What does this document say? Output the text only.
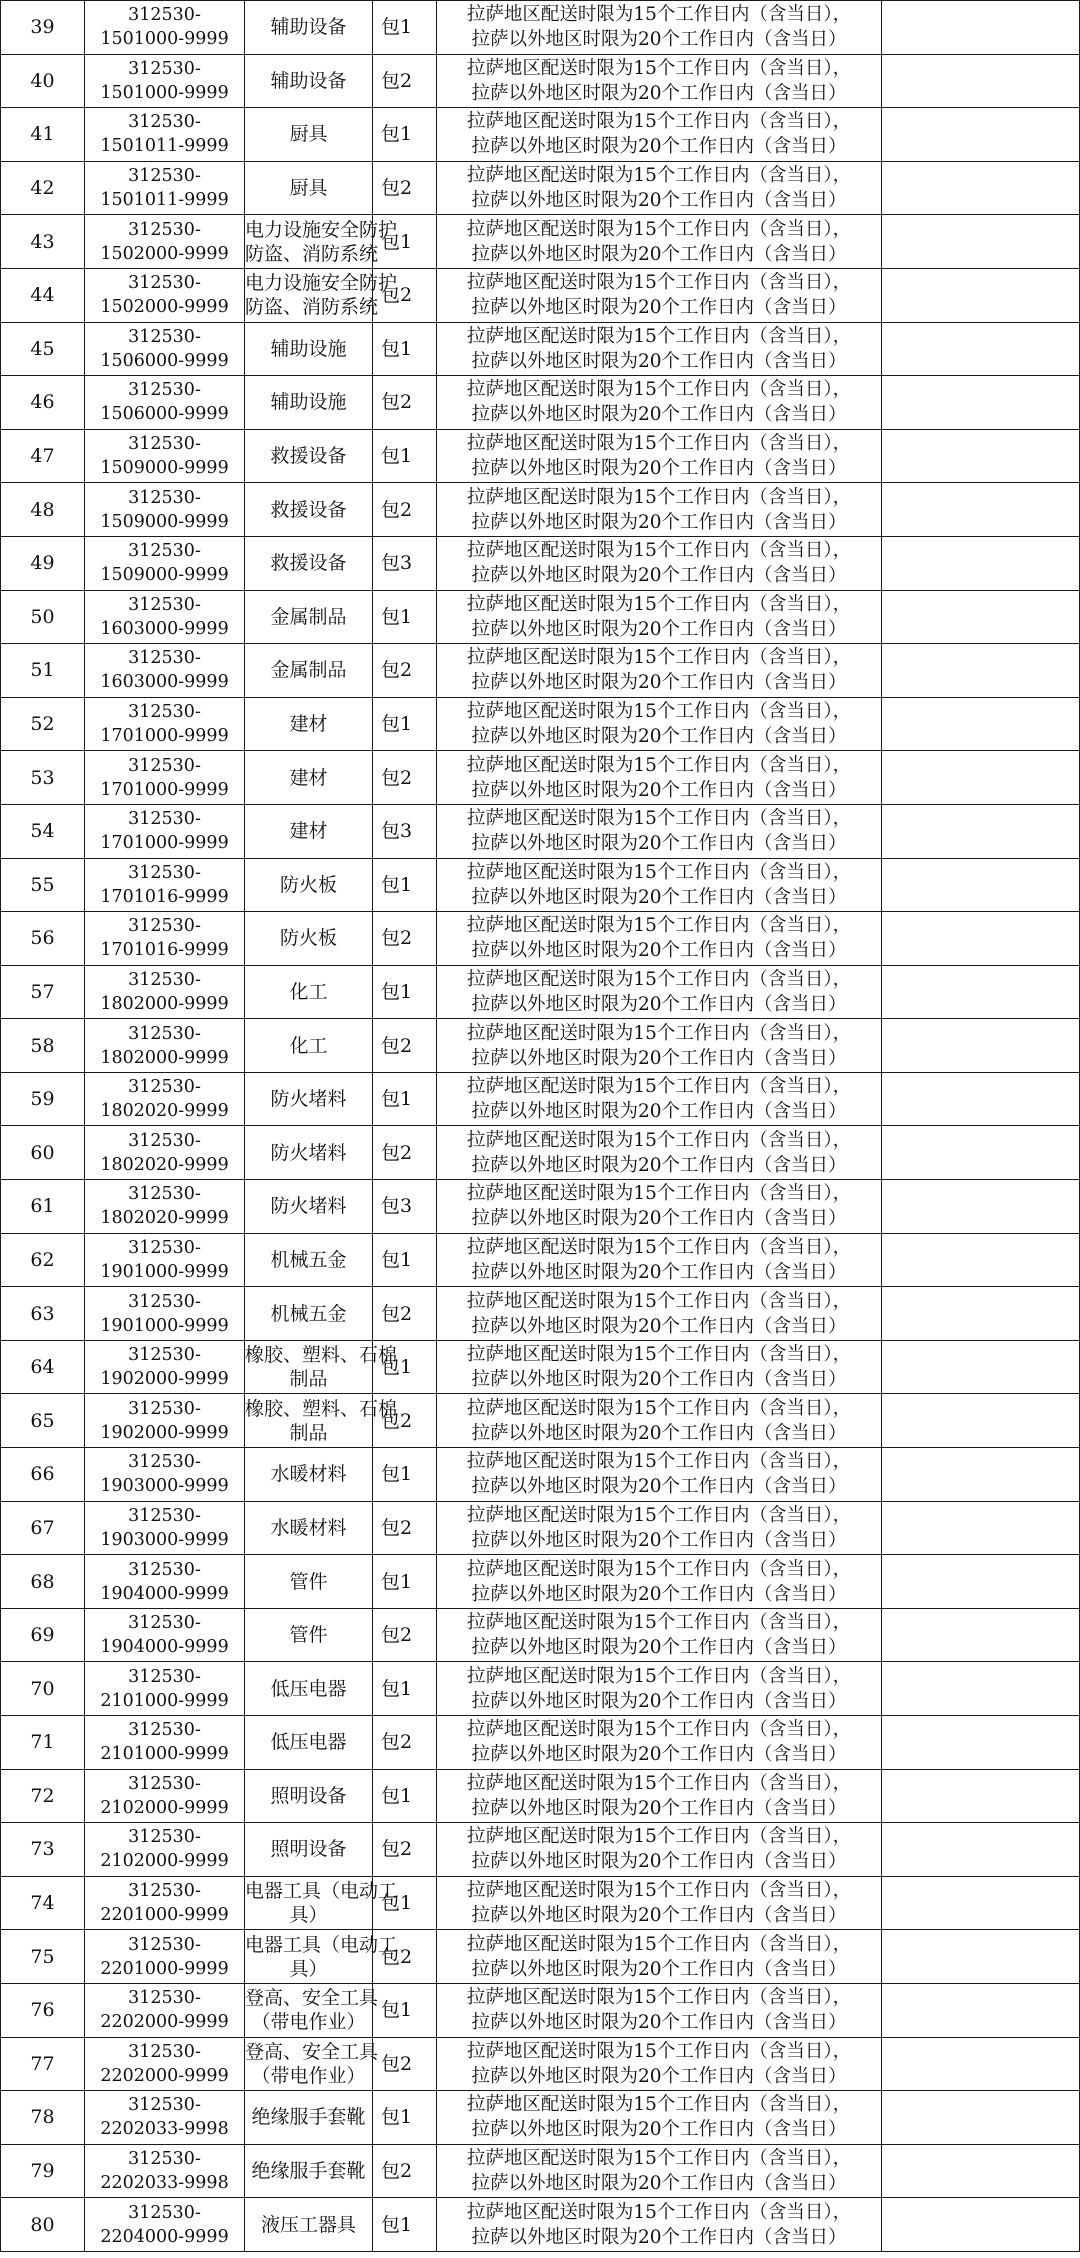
39	312530-
1501000-9999	辅助设备	包1	拉萨地区配送时限为15个工作日内（含当日），
拉萨以外地区时限为20个工作日内（含当日）	

40	312530-
1501000-9999	辅助设备	包2	拉萨地区配送时限为15个工作日内（含当日），
拉萨以外地区时限为20个工作日内（含当日）	

41	312530-
1501011-9999	厨具	包1	拉萨地区配送时限为15个工作日内（含当日），
拉萨以外地区时限为20个工作日内（含当日）	

42	312530-
1501011-9999	厨具	包2	拉萨地区配送时限为15个工作日内（含当日），
拉萨以外地区时限为20个工作日内（含当日）	

43	312530-
1502000-9999	电力设施安全防护
防盗、消防系统	包1	拉萨地区配送时限为15个工作日内（含当日），
拉萨以外地区时限为20个工作日内（含当日）	

44	312530-
1502000-9999	电力设施安全防护
防盗、消防系统	包2	拉萨地区配送时限为15个工作日内（含当日），
拉萨以外地区时限为20个工作日内（含当日）	

45	312530-
1506000-9999	辅助设施	包1	拉萨地区配送时限为15个工作日内（含当日），
拉萨以外地区时限为20个工作日内（含当日）	

46	312530-
1506000-9999	辅助设施	包2	拉萨地区配送时限为15个工作日内（含当日），
拉萨以外地区时限为20个工作日内（含当日）	

47	312530-
1509000-9999	救援设备	包1	拉萨地区配送时限为15个工作日内（含当日），
拉萨以外地区时限为20个工作日内（含当日）	

48	312530-
1509000-9999	救援设备	包2	拉萨地区配送时限为15个工作日内（含当日），
拉萨以外地区时限为20个工作日内（含当日）	

49	312530-
1509000-9999	救援设备	包3	拉萨地区配送时限为15个工作日内（含当日），
拉萨以外地区时限为20个工作日内（含当日）	

50	312530-
1603000-9999	金属制品	包1	拉萨地区配送时限为15个工作日内（含当日），
拉萨以外地区时限为20个工作日内（含当日）	

51	312530-
1603000-9999	金属制品	包2	拉萨地区配送时限为15个工作日内（含当日），
拉萨以外地区时限为20个工作日内（含当日）	

52	312530-
1701000-9999	建材	包1	拉萨地区配送时限为15个工作日内（含当日），
拉萨以外地区时限为20个工作日内（含当日）	

53	312530-
1701000-9999	建材	包2	拉萨地区配送时限为15个工作日内（含当日），
拉萨以外地区时限为20个工作日内（含当日）	

54	312530-
1701000-9999	建材	包3	拉萨地区配送时限为15个工作日内（含当日），
拉萨以外地区时限为20个工作日内（含当日）	

55	312530-
1701016-9999	防火板	包1	拉萨地区配送时限为15个工作日内（含当日），
拉萨以外地区时限为20个工作日内（含当日）	

56	312530-
1701016-9999	防火板	包2	拉萨地区配送时限为15个工作日内（含当日），
拉萨以外地区时限为20个工作日内（含当日）	

57	312530-
1802000-9999	化工	包1	拉萨地区配送时限为15个工作日内（含当日），
拉萨以外地区时限为20个工作日内（含当日）	

58	312530-
1802000-9999	化工	包2	拉萨地区配送时限为15个工作日内（含当日），
拉萨以外地区时限为20个工作日内（含当日）	

59	312530-
1802020-9999	防火堵料	包1	拉萨地区配送时限为15个工作日内（含当日），
拉萨以外地区时限为20个工作日内（含当日）	

60	312530-
1802020-9999	防火堵料	包2	拉萨地区配送时限为15个工作日内（含当日），
拉萨以外地区时限为20个工作日内（含当日）	

61	312530-
1802020-9999	防火堵料	包3	拉萨地区配送时限为15个工作日内（含当日），
拉萨以外地区时限为20个工作日内（含当日）	

62	312530-
1901000-9999	机械五金	包1	拉萨地区配送时限为15个工作日内（含当日），
拉萨以外地区时限为20个工作日内（含当日）	

63	312530-
1901000-9999	机械五金	包2	拉萨地区配送时限为15个工作日内（含当日），
拉萨以外地区时限为20个工作日内（含当日）	

64	312530-
1902000-9999	橡胶、塑料、石棉
制品	包1	拉萨地区配送时限为15个工作日内（含当日），
拉萨以外地区时限为20个工作日内（含当日）	

65	312530-
1902000-9999	橡胶、塑料、石棉
制品	包2	拉萨地区配送时限为15个工作日内（含当日），
拉萨以外地区时限为20个工作日内（含当日）	

66	312530-
1903000-9999	水暖材料	包1	拉萨地区配送时限为15个工作日内（含当日），
拉萨以外地区时限为20个工作日内（含当日）	

67	312530-
1903000-9999	水暖材料	包2	拉萨地区配送时限为15个工作日内（含当日），
拉萨以外地区时限为20个工作日内（含当日）	

68	312530-
1904000-9999	管件	包1	拉萨地区配送时限为15个工作日内（含当日），
拉萨以外地区时限为20个工作日内（含当日）	

69	312530-
1904000-9999	管件	包2	拉萨地区配送时限为15个工作日内（含当日），
拉萨以外地区时限为20个工作日内（含当日）	

70	312530-
2101000-9999	低压电器	包1	拉萨地区配送时限为15个工作日内（含当日），
拉萨以外地区时限为20个工作日内（含当日）	

71	312530-
2101000-9999	低压电器	包2	拉萨地区配送时限为15个工作日内（含当日），
拉萨以外地区时限为20个工作日内（含当日）	

72	312530-
2102000-9999	照明设备	包1	拉萨地区配送时限为15个工作日内（含当日），
拉萨以外地区时限为20个工作日内（含当日）	

73	312530-
2102000-9999	照明设备	包2	拉萨地区配送时限为15个工作日内（含当日），
拉萨以外地区时限为20个工作日内（含当日）	

74	312530-
2201000-9999	电器工具（电动工
具）	包1	拉萨地区配送时限为15个工作日内（含当日），
拉萨以外地区时限为20个工作日内（含当日）	

75	312530-
2201000-9999	电器工具（电动工
具）	包2	拉萨地区配送时限为15个工作日内（含当日），
拉萨以外地区时限为20个工作日内（含当日）	

76	312530-
2202000-9999	登高、安全工具
（带电作业）	包1	拉萨地区配送时限为15个工作日内（含当日），
拉萨以外地区时限为20个工作日内（含当日）	

77	312530-
2202000-9999	登高、安全工具
（带电作业）	包2	拉萨地区配送时限为15个工作日内（含当日），
拉萨以外地区时限为20个工作日内（含当日）	

78	312530-
2202033-9998	绝缘服手套靴	包1	拉萨地区配送时限为15个工作日内（含当日），
拉萨以外地区时限为20个工作日内（含当日）	

79	312530-
2202033-9998	绝缘服手套靴	包2	拉萨地区配送时限为15个工作日内（含当日），
拉萨以外地区时限为20个工作日内（含当日）	

80	312530-
2204000-9999	液压工器具	包1	拉萨地区配送时限为15个工作日内（含当日），
拉萨以外地区时限为20个工作日内（含当日）	
